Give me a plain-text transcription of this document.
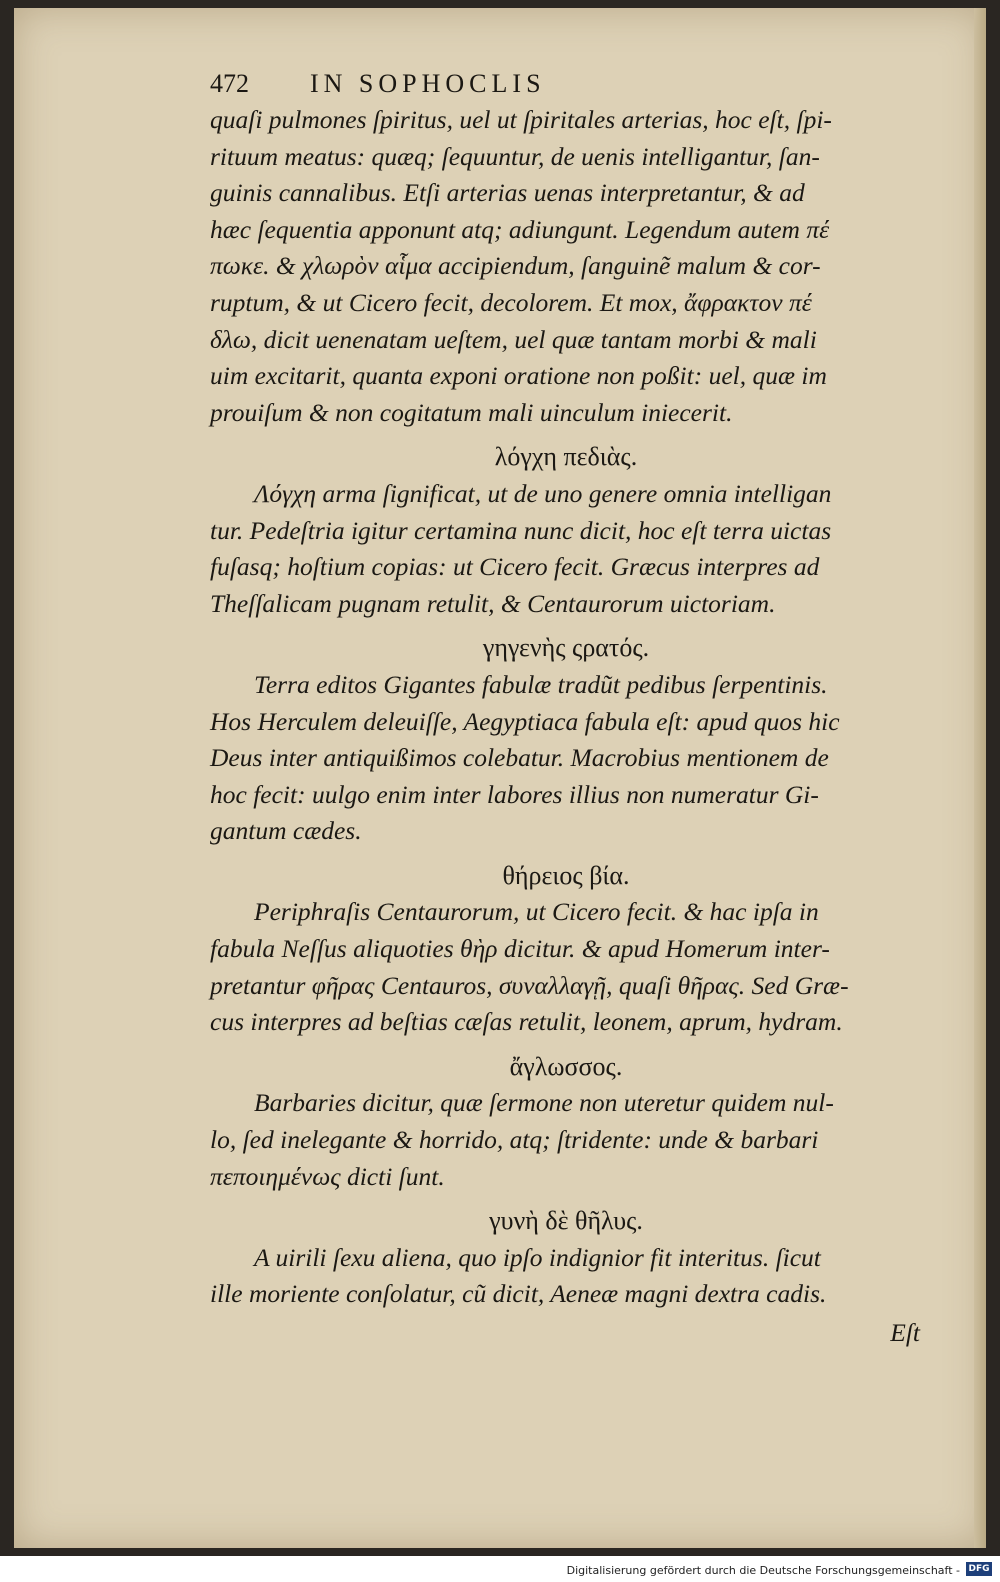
472	IN SOPHOCLIS
quaſi pulmones ſpiritus, uel ut ſpiritales arterias, hoc eſt, ſpi-
rituum meatus: quæq; ſequuntur, de uenis intelligantur, ſan-
guinis cannalibus. Etſi arterias uenas interpretantur, & ad
hæc ſequentia apponunt atq; adiungunt. Legendum autem πέ
πωκε. & χλωρὸν αἷμα accipiendum, ſanguinẽ malum & cor-
ruptum, & ut Cicero fecit, decolorem. Et mox, ἄφρακτον πέ
δλω, dicit uenenatam ueſtem, uel quæ tantam morbi & mali
uim excitarit, quanta exponi oratione non poßit: uel, quæ im
prouiſum & non cogitatum mali uinculum iniecerit.
λόγχη πεδιὰς.
Λόγχη arma ſignificat, ut de uno genere omnia intelligan
tur. Pedeſtria igitur certamina nunc dicit, hoc eſt terra uictas
fuſasq; hoſtium copias: ut Cicero fecit. Græcus interpres ad
Theſſalicam pugnam retulit, & Centaurorum uictoriam.
γηγενὴς ςρατός.
Terra editos Gigantes fabulæ tradũt pedibus ſerpentinis.
Hos Herculem deleuiſſe, Aegyptiaca fabula eſt: apud quos hic
Deus inter antiquißimos colebatur. Macrobius mentionem de
hoc fecit: uulgo enim inter labores illius non numeratur Gi-
gantum cædes.
θήρειος βία.
Periphraſis Centaurorum, ut Cicero fecit. & hac ipſa in
fabula Neſſus aliquoties θὴρ dicitur. & apud Homerum inter-
pretantur φῆρας Centauros, συναλλαγῇ, quaſi θῆρας. Sed Græ-
cus interpres ad beſtias cæſas retulit, leonem, aprum, hydram.
ἄγλωσσος.
Barbaries dicitur, quæ ſermone non uteretur quidem nul-
lo, ſed inelegante & horrido, atq; ſtridente: unde & barbari
πεποιημένως dicti ſunt.
γυνὴ δὲ θῆλυς.
A uirili ſexu aliena, quo ipſo indignior fit interitus. ſicut
ille moriente conſolatur, cũ dicit, Aeneæ magni dextra cadis.
Eſt
Digitalisierung gefördert durch die Deutsche Forschungsgemeinschaft - DFG
